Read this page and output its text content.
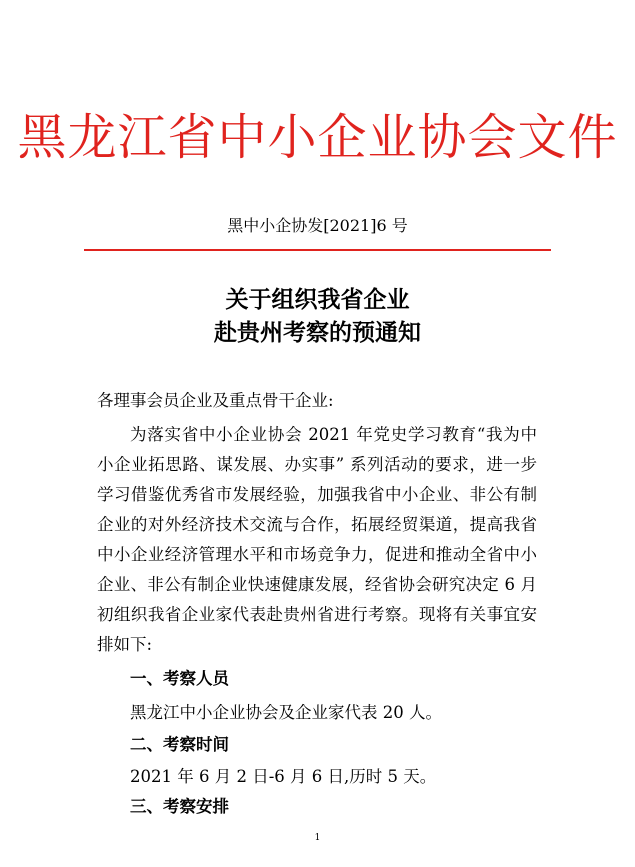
黑龙江省中小企业协会文件
黑中小企协发[2021]6 号
关于组织我省企业
赴贵州考察的预通知
各理事会员企业及重点骨干企业:
为落实省中小企业协会 2021 年党史学习教育“我为中小企业拓思路、谋发展、办实事” 系列活动的要求，进一步学习借鉴优秀省市发展经验，加强我省中小企业、非公有制企业的对外经济技术交流与合作，拓展经贸渠道，提高我省中小企业经济管理水平和市场竞争力，促进和推动全省中小企业、非公有制企业快速健康发展，经省协会研究决定 6 月初组织我省企业家代表赴贵州省进行考察。现将有关事宜安排如下:
一、考察人员
黑龙江中小企业协会及企业家代表 20 人。
二、考察时间
2021 年 6 月 2 日-6 月 6 日,历时 5 天。
三、考察安排
1
